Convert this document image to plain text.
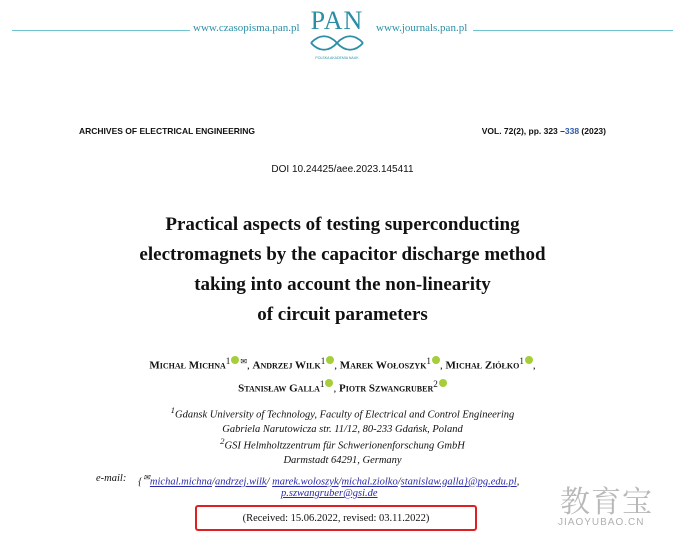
www.czasopisma.pan.pl PAN
POLSKA AKADEMIA NAUK
www.journals.pan.pl
ARCHIVES OF ELECTRICAL ENGINEERING	VOL. 72(2), pp. 323 –338 (2023)
DOI 10.24425/aee.2023.145411
Practical aspects of testing superconducting
electromagnets by the capacitor discharge method
taking into account the non-linearity
of circuit parameters
Michał Michna$^1$ ✉, Andrzej Wilk$^1$ , Marek Wołoszyk$^1$ , Michał Ziółko$^1$ ,
Stanisław Galla$^1$ , Piotr Szwangruber$^2$
$^1$Gdansk University of Technology, Faculty of Electrical and Control Engineering
Gabriela Narutowicza str. 11/12, 80-233 Gdańsk, Poland
$^2$GSI Helmholtzzentrum für Schwerionenforschung GmbH
Darmstadt 64291, Germany
e-mail: {✉michal.michna/andrzej.wilk/ marek.woloszyk/michal.ziolko/stanislaw.galla}@pg.edu.pl,
p.szwangruber@gsi.de
(Received: 15.06.2022, revised: 03.11.2022)	教育宝
JIAOYUBAO.CN
